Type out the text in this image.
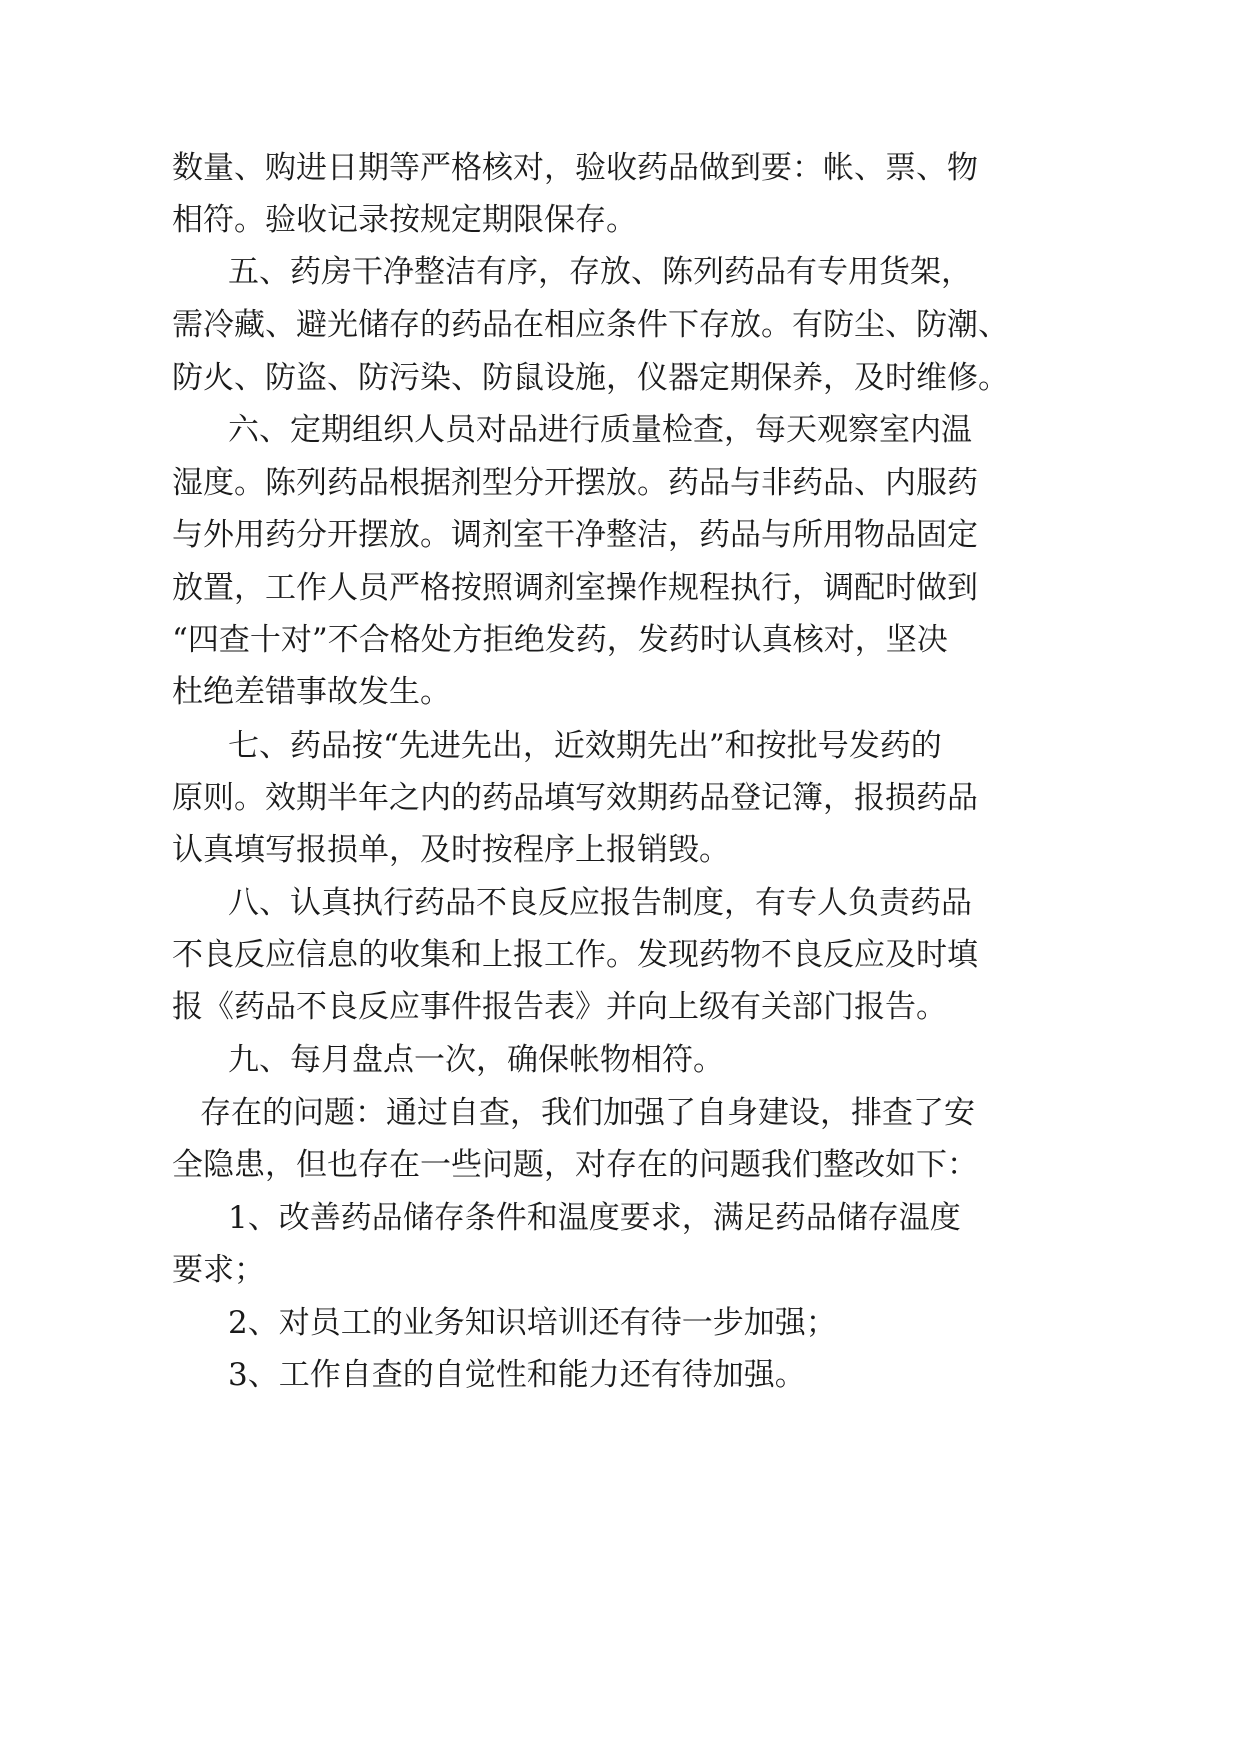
数量、购进日期等严格核对，验收药品做到要：帐、票、物
相符。验收记录按规定期限保存。
五、药房干净整洁有序，存放、陈列药品有专用货架，
需冷藏、避光储存的药品在相应条件下存放。有防尘、防潮、
防火、防盗、防污染、防鼠设施，仪器定期保养，及时维修。
六、定期组织人员对品进行质量检查，每天观察室内温
湿度。陈列药品根据剂型分开摆放。药品与非药品、内服药
与外用药分开摆放。调剂室干净整洁，药品与所用物品固定
放置，工作人员严格按照调剂室操作规程执行，调配时做到
“四查十对”不合格处方拒绝发药，发药时认真核对，坚决
杜绝差错事故发生。
七、药品按“先进先出，近效期先出”和按批号发药的
原则。效期半年之内的药品填写效期药品登记簿，报损药品
认真填写报损单，及时按程序上报销毁。
八、认真执行药品不良反应报告制度，有专人负责药品
不良反应信息的收集和上报工作。发现药物不良反应及时填
报《药品不良反应事件报告表》并向上级有关部门报告。
九、每月盘点一次，确保帐物相符。
存在的问题：通过自查，我们加强了自身建设，排查了安
全隐患，但也存在一些问题，对存在的问题我们整改如下：
1、改善药品储存条件和温度要求，满足药品储存温度
要求；
2、对员工的业务知识培训还有待一步加强；
3、工作自查的自觉性和能力还有待加强。
